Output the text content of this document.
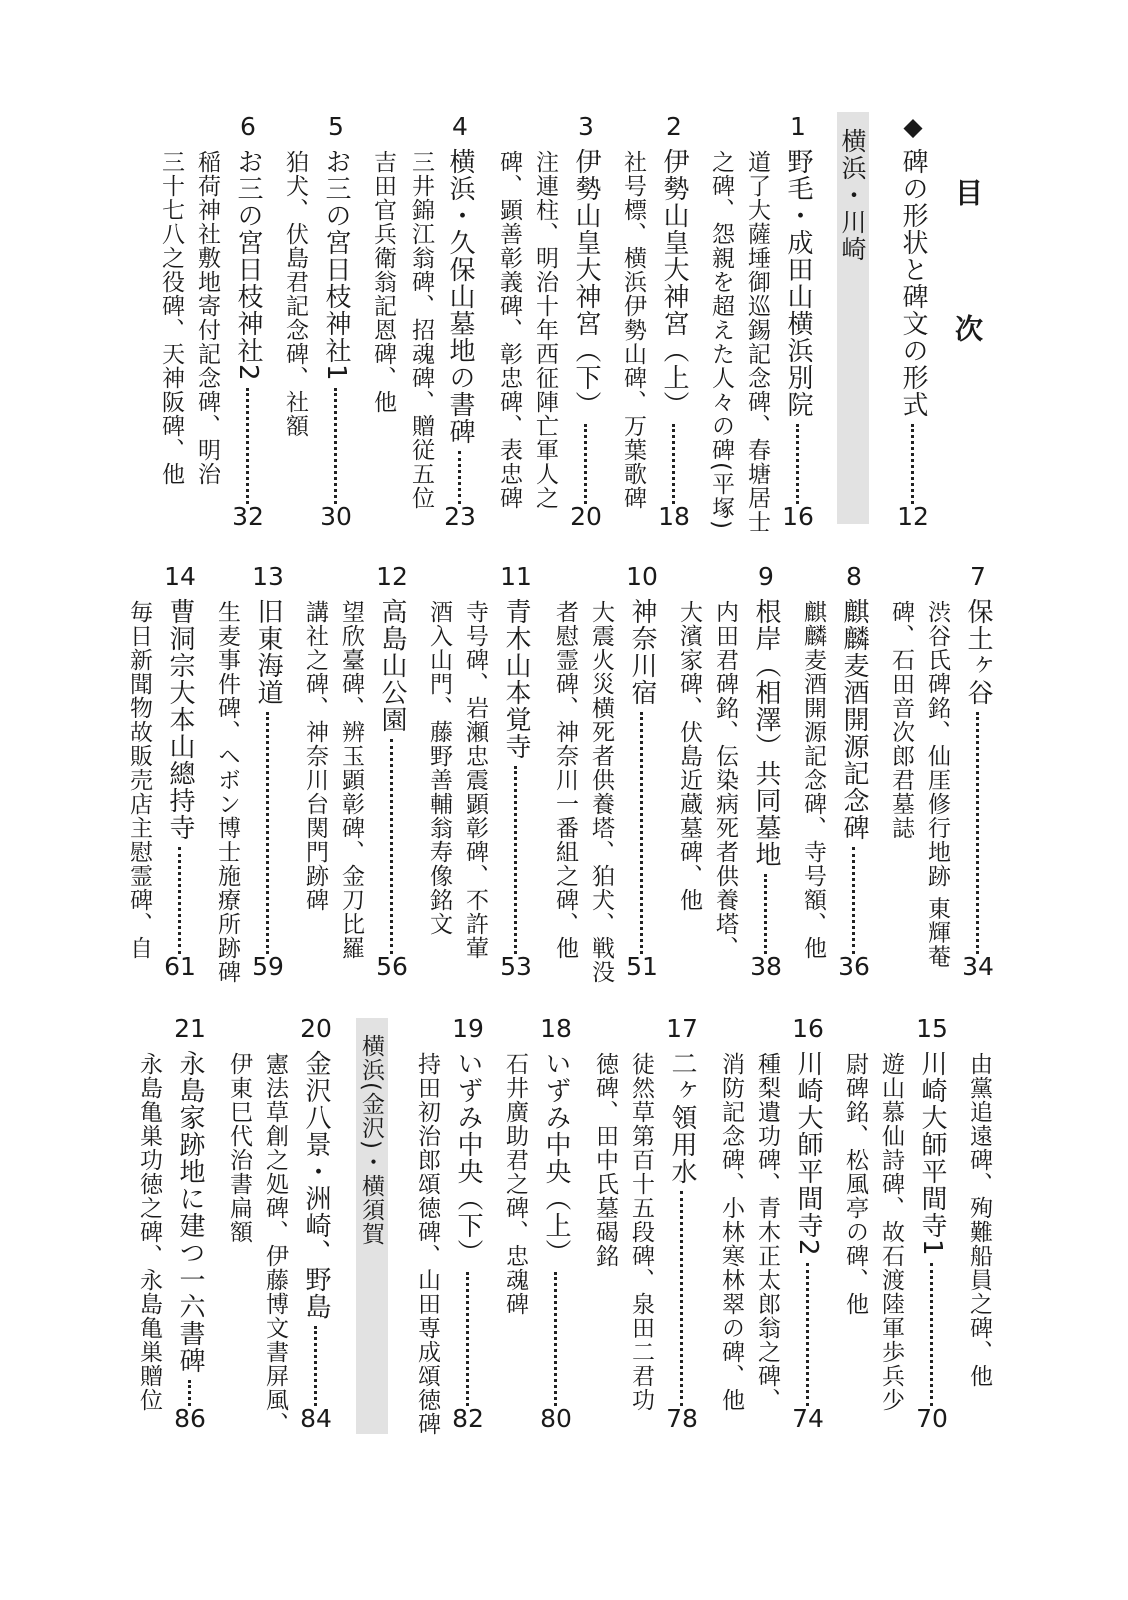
目　次
◆
碑の形状と碑文の形式
12
横浜・川崎
1
野毛・成田山横浜別院
16
道了大薩埵御巡錫記念碑、春塘居士
之碑、怨親を超えた人々の碑(平塚)
2
伊勢山皇大神宮（上）
18
社号標、横浜伊勢山碑、万葉歌碑
3
伊勢山皇大神宮（下）
20
注連柱、明治十年西征陣亡軍人之
碑、顕善彰義碑、彰忠碑、表忠碑
4
横浜・久保山墓地の書碑
23
三井錦江翁碑、招魂碑、贈従五位
吉田官兵衛翁記恩碑、他
5
お三の宮日枝神社1
30
狛犬、伏島君記念碑、社額
6
お三の宮日枝神社2
32
稲荷神社敷地寄付記念碑、明治
三十七八之役碑、天神阪碑、他
7
保土ヶ谷
34
渋谷氏碑銘、仙厓修行地跡 東輝菴
碑、石田音次郎君墓誌
8
麒麟麦酒開源記念碑
36
麒麟麦酒開源記念碑、寺号額、他
9
根岸（相澤）共同墓地
38
内田君碑銘、伝染病死者供養塔、
大濱家碑、伏島近蔵墓碑、他
10
神奈川宿
51
大震火災横死者供養塔、狛犬、戦没
者慰霊碑、神奈川一番組之碑、他
11
青木山本覚寺
53
寺号碑、岩瀬忠震顕彰碑、不許葷
酒入山門、藤野善輔翁寿像銘文
12
高島山公園
56
望欣臺碑、辨玉顕彰碑、金刀比羅
講社之碑、神奈川台関門跡碑
13
旧東海道
59
生麦事件碑、ヘボン博士施療所跡碑
14
曹洞宗大本山總持寺
61
毎日新聞物故販売店主慰霊碑、自
由黨追遠碑、殉難船員之碑、他
15
川崎大師平間寺1
70
遊山慕仙詩碑、故石渡陸軍歩兵少
尉碑銘、松風亭の碑、他
16
川崎大師平間寺2
74
種梨遺功碑、青木正太郎翁之碑、
消防記念碑、小林寒林翠の碑、他
17
二ヶ領用水
78
徒然草第百十五段碑、泉田二君功
徳碑、田中氏墓碣銘
18
いずみ中央（上）
80
石井廣助君之碑、忠魂碑
19
いずみ中央（下）
82
持田初治郎頌徳碑、山田専成頌徳碑
横浜(金沢)・横須賀
20
金沢八景・洲崎、野島
84
憲法草創之処碑、伊藤博文書屏風、
伊東巳代治書扁額
21
永島家跡地に建つ一六書碑
86
永島亀巣功徳之碑、永島亀巣贈位
